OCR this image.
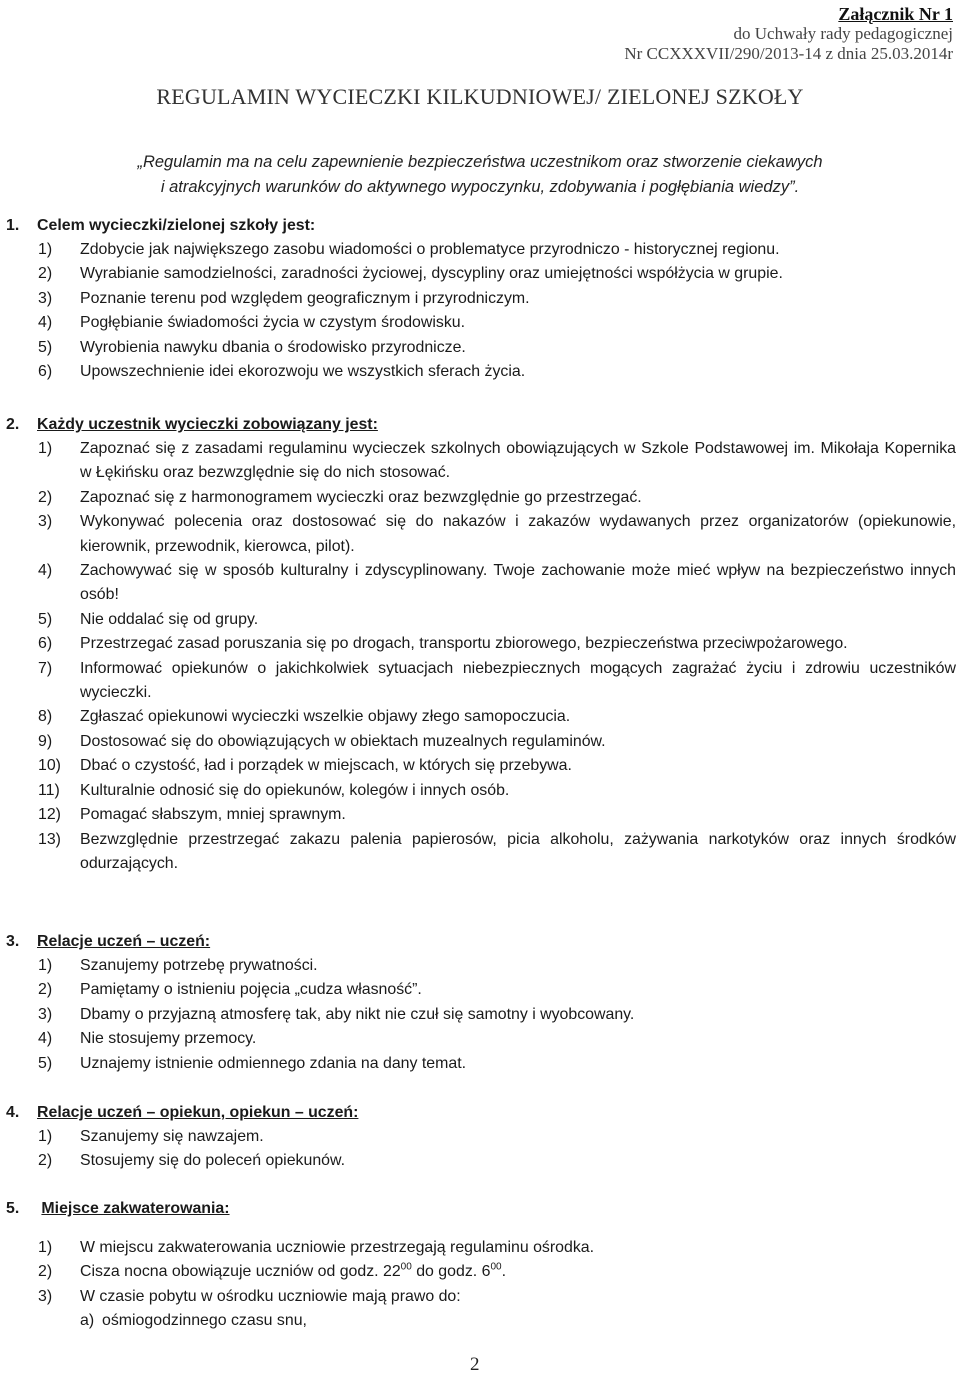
Załącznik Nr 1
do Uchwały rady pedagogicznej
Nr CCXXXVII/290/2013-14 z dnia 25.03.2014r
REGULAMIN WYCIECZKI KILKUDNIOWEJ/ ZIELONEJ SZKOŁY
„Regulamin ma na celu zapewnienie bezpieczeństwa uczestnikom oraz stworzenie ciekawych
i atrakcyjnych warunków do aktywnego wypoczynku, zdobywania i pogłębiania wiedzy”.
1. Celem wycieczki/zielonej szkoły jest:
1) Zdobycie jak największego zasobu wiadomości o problematyce przyrodniczo - historycznej regionu.
2) Wyrabianie samodzielności, zaradności życiowej, dyscypliny oraz umiejętności współżycia w grupie.
3) Poznanie terenu pod względem geograficznym i przyrodniczym.
4) Pogłębianie świadomości życia w czystym środowisku.
5) Wyrobienia nawyku dbania o środowisko przyrodnicze.
6) Upowszechnienie idei ekorozwoju we wszystkich sferach życia.
2. Każdy uczestnik wycieczki zobowiązany jest:
1) Zapoznać się z zasadami regulaminu wycieczek szkolnych obowiązujących w Szkole Podstawowej im. Mikołaja Kopernika w Łękińsku oraz bezwzględnie się do nich stosować.
2) Zapoznać się z harmonogramem wycieczki oraz bezwzględnie go przestrzegać.
3) Wykonywać polecenia oraz dostosować się do nakazów i zakazów wydawanych przez organizatorów (opiekunowie, kierownik, przewodnik, kierowca, pilot).
4) Zachowywać się w sposób kulturalny i zdyscyplinowany. Twoje zachowanie może mieć wpływ na bezpieczeństwo innych osób!
5) Nie oddalać się od grupy.
6) Przestrzegać zasad poruszania się po drogach, transportu zbiorowego, bezpieczeństwa przeciwpożarowego.
7) Informować opiekunów o jakichkolwiek sytuacjach niebezpiecznych mogących zagrażać życiu i zdrowiu uczestników wycieczki.
8) Zgłaszać opiekunowi wycieczki wszelkie objawy złego samopoczucia.
9) Dostosować się do obowiązujących w obiektach muzealnych regulaminów.
10) Dbać o czystość, ład i porządek w miejscach, w których się przebywa.
11) Kulturalnie odnosić się do opiekunów, kolegów i innych osób.
12) Pomagać słabszym, mniej sprawnym.
13) Bezwzględnie przestrzegać zakazu palenia papierosów, picia alkoholu, zażywania narkotyków oraz innych środków odurzających.
3. Relacje uczeń – uczeń:
1) Szanujemy potrzebę prywatności.
2) Pamiętamy o istnieniu pojęcia „cudza własność”.
3) Dbamy o przyjazną atmosferę tak, aby nikt nie czuł się samotny i wyobcowany.
4) Nie stosujemy przemocy.
5) Uznajemy istnienie odmiennego zdania na dany temat.
4. Relacje uczeń – opiekun, opiekun – uczeń:
1) Szanujemy się nawzajem.
2) Stosujemy się do poleceń opiekunów.
5. Miejsce zakwaterowania:
1) W miejscu zakwaterowania uczniowie przestrzegają regulaminu ośrodka.
2) Cisza nocna obowiązuje uczniów od godz. $22^{00}$ do godz. $6^{00}$.
3) W czasie pobytu w ośrodku uczniowie mają prawo do:
a) ośmiogodzinnego czasu snu,
2
